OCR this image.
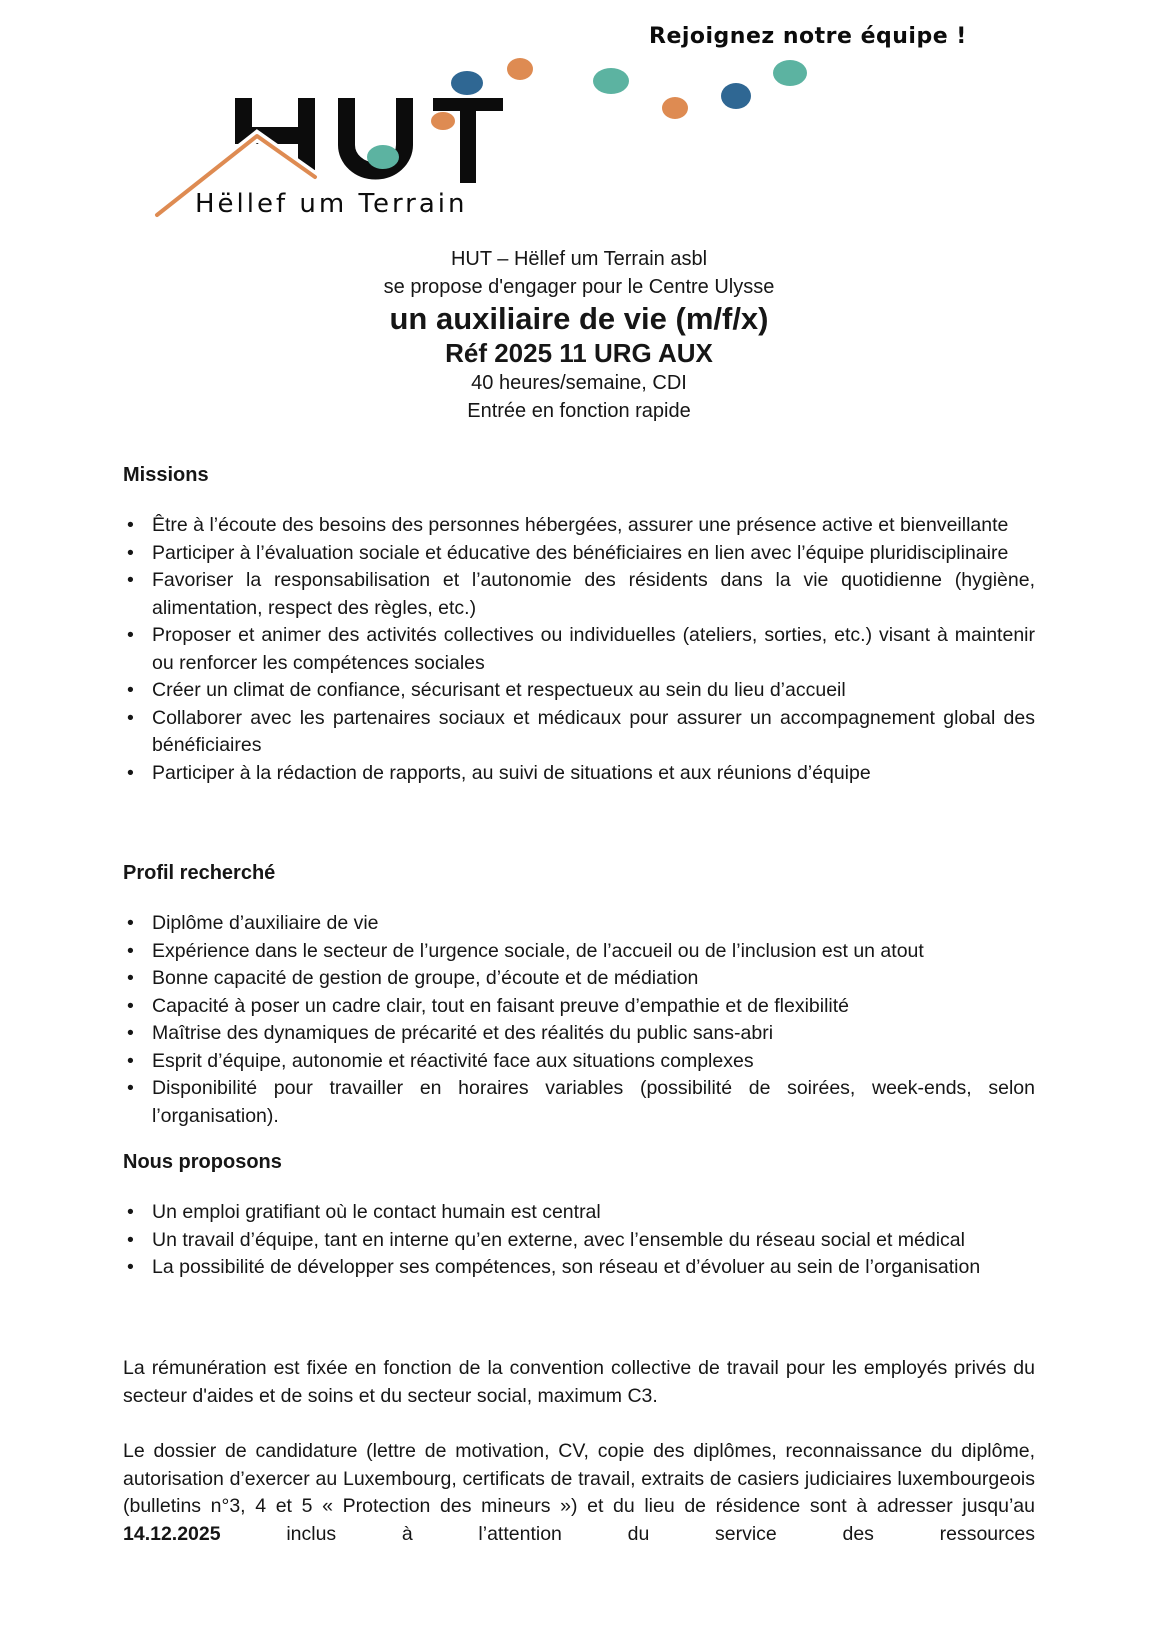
Hëllef um Terrain
Rejoignez notre équipe !
HUT – Hëllef um Terrain asbl
se propose d'engager pour le Centre Ulysse
un auxiliaire de vie (m/f/x)
Réf 2025 11 URG AUX
40 heures/semaine, CDI
Entrée en fonction rapide
Missions
• Être à l’écoute des besoins des personnes hébergées, assurer une présence active et bienveillante
• Participer à l’évaluation sociale et éducative des bénéficiaires en lien avec l’équipe pluridisciplinaire
• Favoriser la responsabilisation et l’autonomie des résidents dans la vie quotidienne (hygiène, alimentation, respect des règles, etc.)
• Proposer et animer des activités collectives ou individuelles (ateliers, sorties, etc.) visant à maintenir ou renforcer les compétences sociales
• Créer un climat de confiance, sécurisant et respectueux au sein du lieu d’accueil
• Collaborer avec les partenaires sociaux et médicaux pour assurer un accompagnement global des bénéficiaires
• Participer à la rédaction de rapports, au suivi de situations et aux réunions d’équipe
Profil recherché
• Diplôme d’auxiliaire de vie
• Expérience dans le secteur de l’urgence sociale, de l’accueil ou de l’inclusion est un atout
• Bonne capacité de gestion de groupe, d’écoute et de médiation
• Capacité à poser un cadre clair, tout en faisant preuve d’empathie et de flexibilité
• Maîtrise des dynamiques de précarité et des réalités du public sans-abri
• Esprit d’équipe, autonomie et réactivité face aux situations complexes
• Disponibilité pour travailler en horaires variables (possibilité de soirées, week-ends, selon l’organisation).
Nous proposons
• Un emploi gratifiant où le contact humain est central
• Un travail d’équipe, tant en interne qu’en externe, avec l’ensemble du réseau social et médical
• La possibilité de développer ses compétences, son réseau et d’évoluer au sein de l’organisation

La rémunération est fixée en fonction de la convention collective de travail pour les employés privés du secteur d'aides et de soins et du secteur social, maximum C3.

Le dossier de candidature (lettre de motivation, CV, copie des diplômes, reconnaissance du diplôme, autorisation d’exercer au Luxembourg, certificats de travail, extraits de casiers judiciaires luxembourgeois (bulletins n°3, 4 et 5 « Protection des mineurs ») et du lieu de résidence sont à adresser jusqu’au 14.12.2025 inclus à l’attention du service des ressources
